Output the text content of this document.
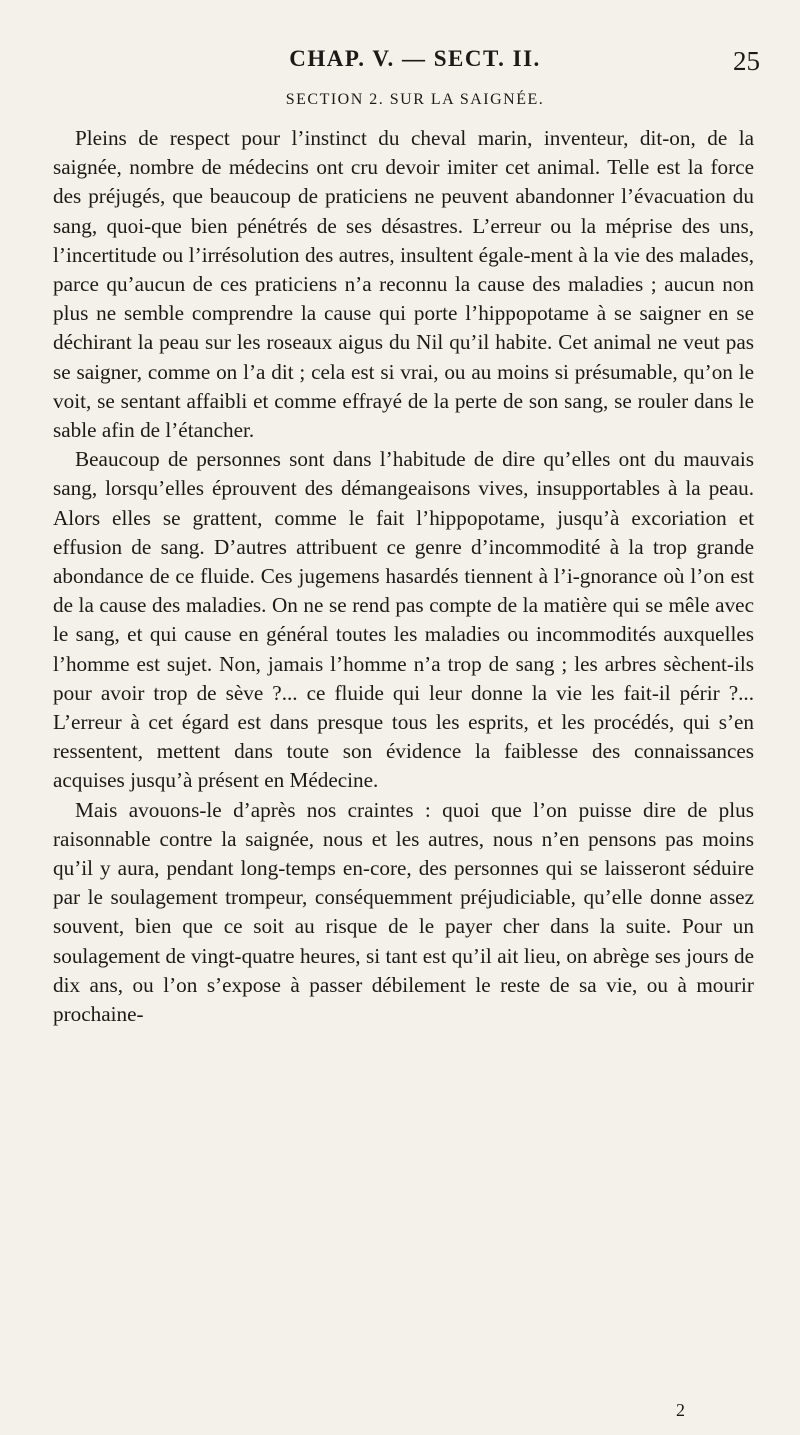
CHAP. V. — SECT. II.	25
SECTION 2. SUR LA SAIGNÉE.

Pleins de respect pour l’instinct du cheval marin, inventeur, dit-on, de la saignée, nombre de médecins ont cru devoir imiter cet animal. Telle est la force des préjugés, que beaucoup de praticiens ne peuvent abandonner l’évacuation du sang, quoi-que bien pénétrés de ses désastres. L’erreur ou la méprise des uns, l’incertitude ou l’irrésolution des autres, insultent égale-ment à la vie des malades, parce qu’aucun de ces praticiens n’a reconnu la cause des maladies ; aucun non plus ne semble comprendre la cause qui porte l’hippopotame à se saigner en se déchirant la peau sur les roseaux aigus du Nil qu’il habite. Cet animal ne veut pas se saigner, comme on l’a dit ; cela est si vrai, ou au moins si présumable, qu’on le voit, se sentant affaibli et comme effrayé de la perte de son sang, se rouler dans le sable afin de l’étancher.

Beaucoup de personnes sont dans l’habitude de dire qu’elles ont du mauvais sang, lorsqu’elles éprouvent des démangeaisons vives, insupportables à la peau. Alors elles se grattent, comme le fait l’hippopotame, jusqu’à excoriation et effusion de sang. D’autres attribuent ce genre d’incommodité à la trop grande abondance de ce fluide. Ces jugemens hasardés tiennent à l’i-gnorance où l’on est de la cause des maladies. On ne se rend pas compte de la matière qui se mêle avec le sang, et qui cause en général toutes les maladies ou incommodités auxquelles l’homme est sujet. Non, jamais l’homme n’a trop de sang ; les arbres sèchent-ils pour avoir trop de sève ?... ce fluide qui leur donne la vie les fait-il périr ?... L’erreur à cet égard est dans presque tous les esprits, et les procédés, qui s’en ressentent, mettent dans toute son évidence la faiblesse des connaissances acquises jusqu’à présent en Médecine.

Mais avouons-le d’après nos craintes : quoi que l’on puisse dire de plus raisonnable contre la saignée, nous et les autres, nous n’en pensons pas moins qu’il y aura, pendant long-temps en-core, des personnes qui se laisseront séduire par le soulagement trompeur, conséquemment préjudiciable, qu’elle donne assez souvent, bien que ce soit au risque de le payer cher dans la suite. Pour un soulagement de vingt-quatre heures, si tant est qu’il ait lieu, on abrège ses jours de dix ans, ou l’on s’expose à passer débilement le reste de sa vie, ou à mourir prochaine-

2
